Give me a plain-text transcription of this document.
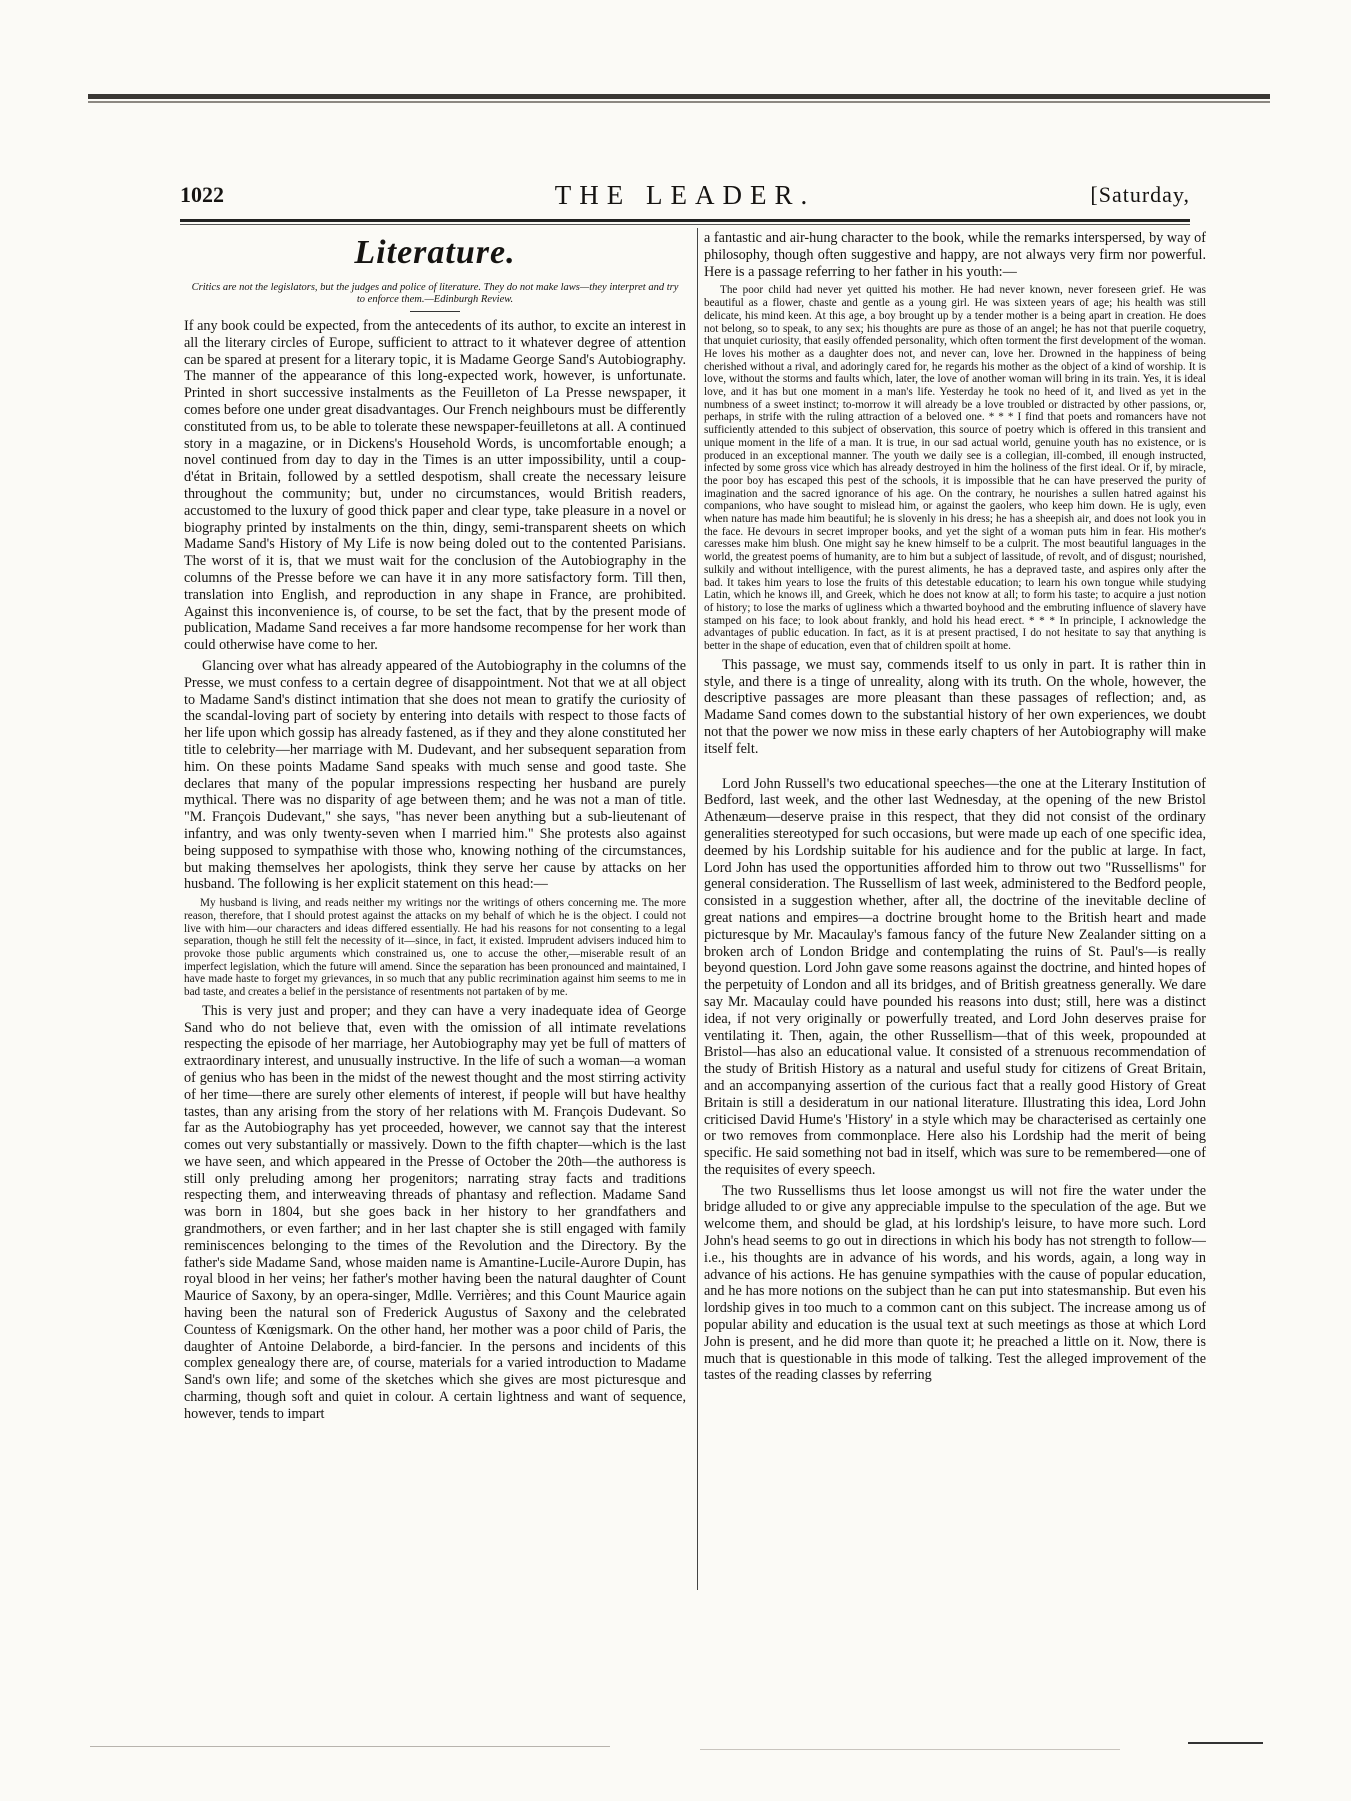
1022	THE LEADER.	[Saturday,
Literature.
Critics are not the legislators, but the judges and police of literature. They do not make laws—they interpret and try to enforce them.—Edinburgh Review.

If any book could be expected, from the antecedents of its author, to excite an interest in all the literary circles of Europe, sufficient to attract to it whatever degree of attention can be spared at present for a literary topic, it is Madame George Sand's Autobiography. The manner of the appearance of this long-expected work, however, is unfortunate. Printed in short successive instalments as the Feuilleton of La Presse newspaper, it comes before one under great disadvantages. Our French neighbours must be differently constituted from us, to be able to tolerate these newspaper-feuilletons at all. A continued story in a magazine, or in Dickens's Household Words, is uncomfortable enough; a novel continued from day to day in the Times is an utter impossibility, until a coup-d'état in Britain, followed by a settled despotism, shall create the necessary leisure throughout the community; but, under no circumstances, would British readers, accustomed to the luxury of good thick paper and clear type, take pleasure in a novel or biography printed by instalments on the thin, dingy, semi-transparent sheets on which Madame Sand's History of My Life is now being doled out to the contented Parisians. The worst of it is, that we must wait for the conclusion of the Autobiography in the columns of the Presse before we can have it in any more satisfactory form. Till then, translation into English, and reproduction in any shape in France, are prohibited. Against this inconvenience is, of course, to be set the fact, that by the present mode of publication, Madame Sand receives a far more handsome recompense for her work than could otherwise have come to her.

Glancing over what has already appeared of the Autobiography in the columns of the Presse, we must confess to a certain degree of disappointment. Not that we at all object to Madame Sand's distinct intimation that she does not mean to gratify the curiosity of the scandal-loving part of society by entering into details with respect to those facts of her life upon which gossip has already fastened, as if they and they alone constituted her title to celebrity—her marriage with M. Dudevant, and her subsequent separation from him. On these points Madame Sand speaks with much sense and good taste. She declares that many of the popular impressions respecting her husband are purely mythical. There was no disparity of age between them; and he was not a man of title. "M. François Dudevant," she says, "has never been anything but a sub-lieutenant of infantry, and was only twenty-seven when I married him." She protests also against being supposed to sympathise with those who, knowing nothing of the circumstances, but making themselves her apologists, think they serve her cause by attacks on her husband. The following is her explicit statement on this head:—

My husband is living, and reads neither my writings nor the writings of others concerning me. The more reason, therefore, that I should protest against the attacks on my behalf of which he is the object. I could not live with him—our characters and ideas differed essentially. He had his reasons for not consenting to a legal separation, though he still felt the necessity of it—since, in fact, it existed. Imprudent advisers induced him to provoke those public arguments which constrained us, one to accuse the other,—miserable result of an imperfect legislation, which the future will amend. Since the separation has been pronounced and maintained, I have made haste to forget my grievances, in so much that any public recrimination against him seems to me in bad taste, and creates a belief in the persistance of resentments not partaken of by me.

This is very just and proper; and they can have a very inadequate idea of George Sand who do not believe that, even with the omission of all intimate revelations respecting the episode of her marriage, her Autobiography may yet be full of matters of extraordinary interest, and unusually instructive. In the life of such a woman—a woman of genius who has been in the midst of the newest thought and the most stirring activity of her time—there are surely other elements of interest, if people will but have healthy tastes, than any arising from the story of her relations with M. François Dudevant. So far as the Autobiography has yet proceeded, however, we cannot say that the interest comes out very substantially or massively. Down to the fifth chapter—which is the last we have seen, and which appeared in the Presse of October the 20th—the authoress is still only preluding among her progenitors; narrating stray facts and traditions respecting them, and interweaving threads of phantasy and reflection. Madame Sand was born in 1804, but she goes back in her history to her grandfathers and grandmothers, or even farther; and in her last chapter she is still engaged with family reminiscences belonging to the times of the Revolution and the Directory. By the father's side Madame Sand, whose maiden name is Amantine-Lucile-Aurore Dupin, has royal blood in her veins; her father's mother having been the natural daughter of Count Maurice of Saxony, by an opera-singer, Mdlle. Verrières; and this Count Maurice again having been the natural son of Frederick Augustus of Saxony and the celebrated Countess of Kœnigsmark. On the other hand, her mother was a poor child of Paris, the daughter of Antoine Delaborde, a bird-fancier. In the persons and incidents of this complex genealogy there are, of course, materials for a varied introduction to Madame Sand's own life; and some of the sketches which she gives are most picturesque and charming, though soft and quiet in colour. A certain lightness and want of sequence, however, tends to impart

a fantastic and air-hung character to the book, while the remarks interspersed, by way of philosophy, though often suggestive and happy, are not always very firm nor powerful. Here is a passage referring to her father in his youth:—

The poor child had never yet quitted his mother. He had never known, never foreseen grief. He was beautiful as a flower, chaste and gentle as a young girl. He was sixteen years of age; his health was still delicate, his mind keen. At this age, a boy brought up by a tender mother is a being apart in creation. He does not belong, so to speak, to any sex; his thoughts are pure as those of an angel; he has not that puerile coquetry, that unquiet curiosity, that easily offended personality, which often torment the first development of the woman. He loves his mother as a daughter does not, and never can, love her. Drowned in the happiness of being cherished without a rival, and adoringly cared for, he regards his mother as the object of a kind of worship. It is love, without the storms and faults which, later, the love of another woman will bring in its train. Yes, it is ideal love, and it has but one moment in a man's life. Yesterday he took no heed of it, and lived as yet in the numbness of a sweet instinct; to-morrow it will already be a love troubled or distracted by other passions, or, perhaps, in strife with the ruling attraction of a beloved one. * * * I find that poets and romancers have not sufficiently attended to this subject of observation, this source of poetry which is offered in this transient and unique moment in the life of a man. It is true, in our sad actual world, genuine youth has no existence, or is produced in an exceptional manner. The youth we daily see is a collegian, ill-combed, ill enough instructed, infected by some gross vice which has already destroyed in him the holiness of the first ideal. Or if, by miracle, the poor boy has escaped this pest of the schools, it is impossible that he can have preserved the purity of imagination and the sacred ignorance of his age. On the contrary, he nourishes a sullen hatred against his companions, who have sought to mislead him, or against the gaolers, who keep him down. He is ugly, even when nature has made him beautiful; he is slovenly in his dress; he has a sheepish air, and does not look you in the face. He devours in secret improper books, and yet the sight of a woman puts him in fear. His mother's caresses make him blush. One might say he knew himself to be a culprit. The most beautiful languages in the world, the greatest poems of humanity, are to him but a subject of lassitude, of revolt, and of disgust; nourished, sulkily and without intelligence, with the purest aliments, he has a depraved taste, and aspires only after the bad. It takes him years to lose the fruits of this detestable education; to learn his own tongue while studying Latin, which he knows ill, and Greek, which he does not know at all; to form his taste; to acquire a just notion of history; to lose the marks of ugliness which a thwarted boyhood and the embruting influence of slavery have stamped on his face; to look about frankly, and hold his head erect. * * * In principle, I acknowledge the advantages of public education. In fact, as it is at present practised, I do not hesitate to say that anything is better in the shape of education, even that of children spoilt at home.

This passage, we must say, commends itself to us only in part. It is rather thin in style, and there is a tinge of unreality, along with its truth. On the whole, however, the descriptive passages are more pleasant than these passages of reflection; and, as Madame Sand comes down to the substantial history of her own experiences, we doubt not that the power we now miss in these early chapters of her Autobiography will make itself felt.

Lord John Russell's two educational speeches—the one at the Literary Institution of Bedford, last week, and the other last Wednesday, at the opening of the new Bristol Athenæum—deserve praise in this respect, that they did not consist of the ordinary generalities stereotyped for such occasions, but were made up each of one specific idea, deemed by his Lordship suitable for his audience and for the public at large. In fact, Lord John has used the opportunities afforded him to throw out two "Russellisms" for general consideration. The Russellism of last week, administered to the Bedford people, consisted in a suggestion whether, after all, the doctrine of the inevitable decline of great nations and empires—a doctrine brought home to the British heart and made picturesque by Mr. Macaulay's famous fancy of the future New Zealander sitting on a broken arch of London Bridge and contemplating the ruins of St. Paul's—is really beyond question. Lord John gave some reasons against the doctrine, and hinted hopes of the perpetuity of London and all its bridges, and of British greatness generally. We dare say Mr. Macaulay could have pounded his reasons into dust; still, here was a distinct idea, if not very originally or powerfully treated, and Lord John deserves praise for ventilating it. Then, again, the other Russellism—that of this week, propounded at Bristol—has also an educational value. It consisted of a strenuous recommendation of the study of British History as a natural and useful study for citizens of Great Britain, and an accompanying assertion of the curious fact that a really good History of Great Britain is still a desideratum in our national literature. Illustrating this idea, Lord John criticised David Hume's 'History' in a style which may be characterised as certainly one or two removes from commonplace. Here also his Lordship had the merit of being specific. He said something not bad in itself, which was sure to be remembered—one of the requisites of every speech.

The two Russellisms thus let loose amongst us will not fire the water under the bridge alluded to or give any appreciable impulse to the speculation of the age. But we welcome them, and should be glad, at his lordship's leisure, to have more such. Lord John's head seems to go out in directions in which his body has not strength to follow—i.e., his thoughts are in advance of his words, and his words, again, a long way in advance of his actions. He has genuine sympathies with the cause of popular education, and he has more notions on the subject than he can put into statesmanship. But even his lordship gives in too much to a common cant on this subject. The increase among us of popular ability and education is the usual text at such meetings as those at which Lord John is present, and he did more than quote it; he preached a little on it. Now, there is much that is questionable in this mode of talking. Test the alleged improvement of the tastes of the reading classes by referring
